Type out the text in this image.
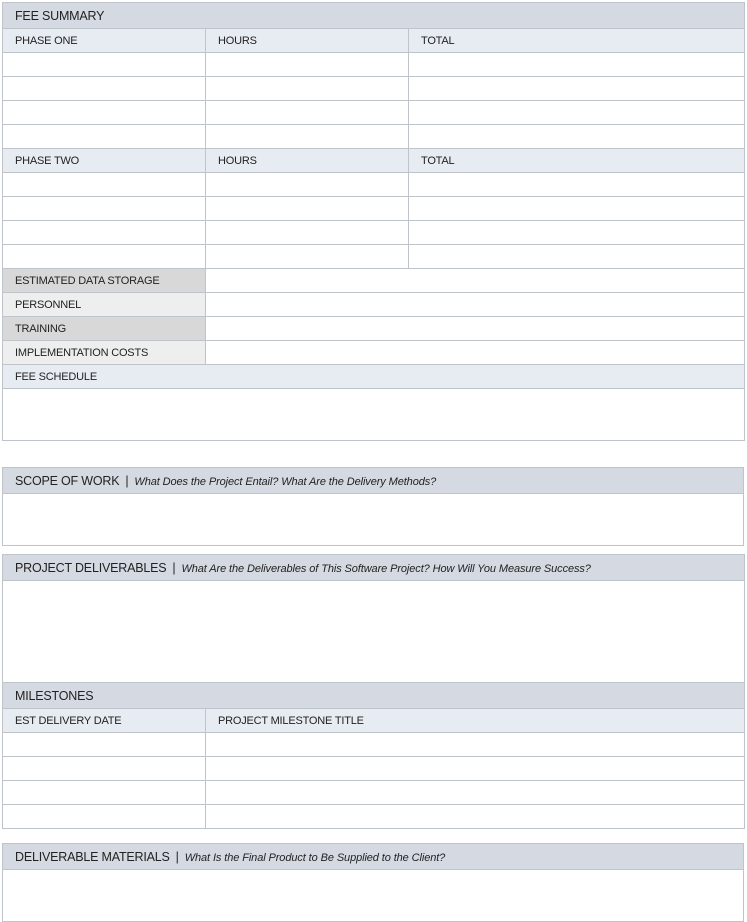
FEE SUMMARY		
PHASE ONE	HOURS	TOTAL

PHASE TWO	HOURS	TOTAL

ESTIMATED DATA STORAGE		
PERSONNEL		
TRAINING		
IMPLEMENTATION COSTS		
FEE SCHEDULE		

SCOPE OF WORK | What Does the Project Entail? What Are the Delivery Methods?

PROJECT DELIVERABLES | What Are the Deliverables of This Software Project? How Will You Measure Success?	

MILESTONES	
EST DELIVERY DATE	PROJECT MILESTONE TITLE

DELIVERABLE MATERIALS | What Is the Final Product to Be Supplied to the Client?
